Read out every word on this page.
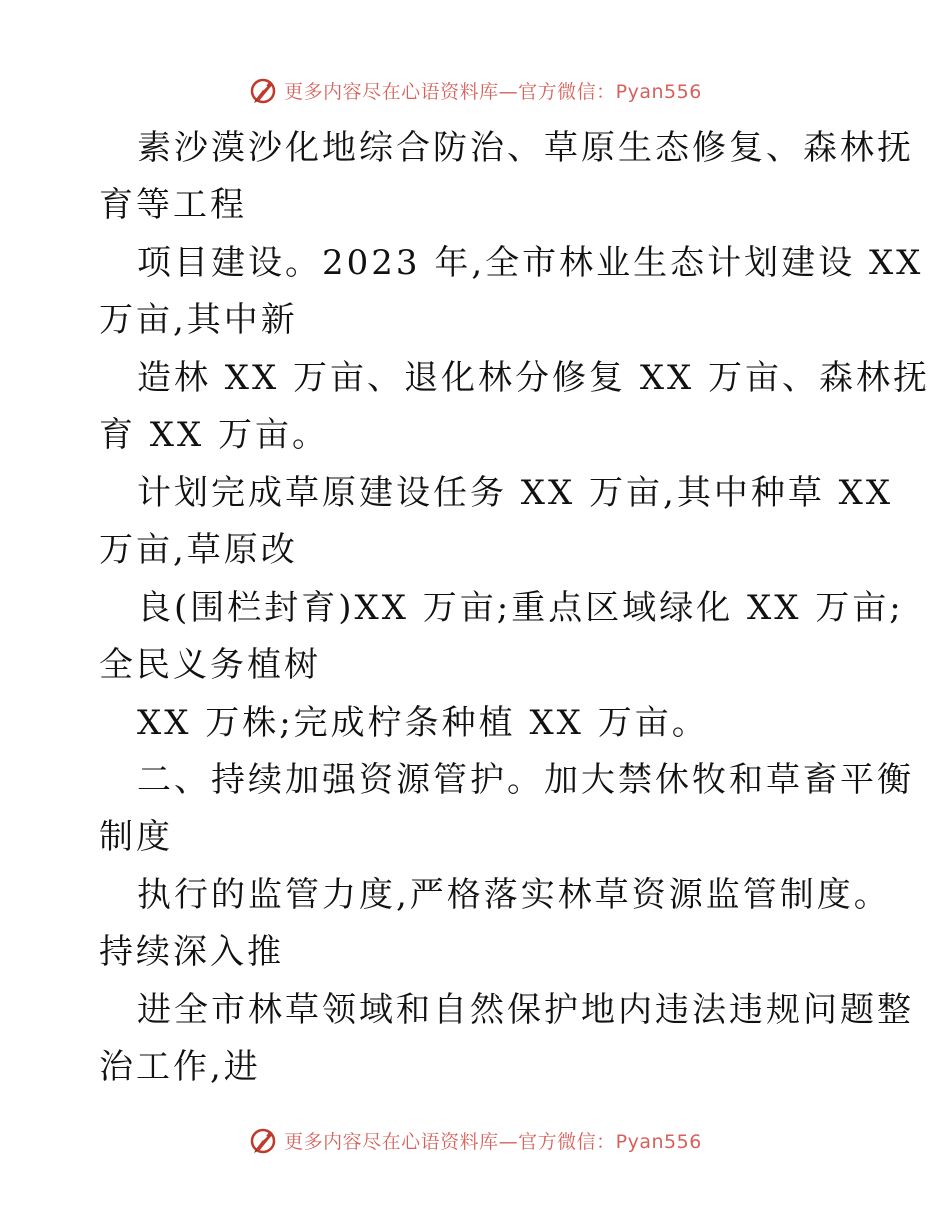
更多内容尽在心语资料库—官方微信：Pyan556
素沙漠沙化地综合防治、草原生态修复、森林抚
育等工程
项目建设。2023 年,全市林业生态计划建设 XX
万亩,其中新
造林 XX 万亩、退化林分修复 XX 万亩、森林抚
育 XX 万亩。
计划完成草原建设任务 XX 万亩,其中种草 XX
万亩,草原改
良(围栏封育)XX 万亩;重点区域绿化 XX 万亩;
全民义务植树
XX 万株;完成柠条种植 XX 万亩。
二、持续加强资源管护。加大禁休牧和草畜平衡
制度
执行的监管力度,严格落实林草资源监管制度。
持续深入推
进全市林草领域和自然保护地内违法违规问题整
治工作,进
更多内容尽在心语资料库—官方微信：Pyan556
